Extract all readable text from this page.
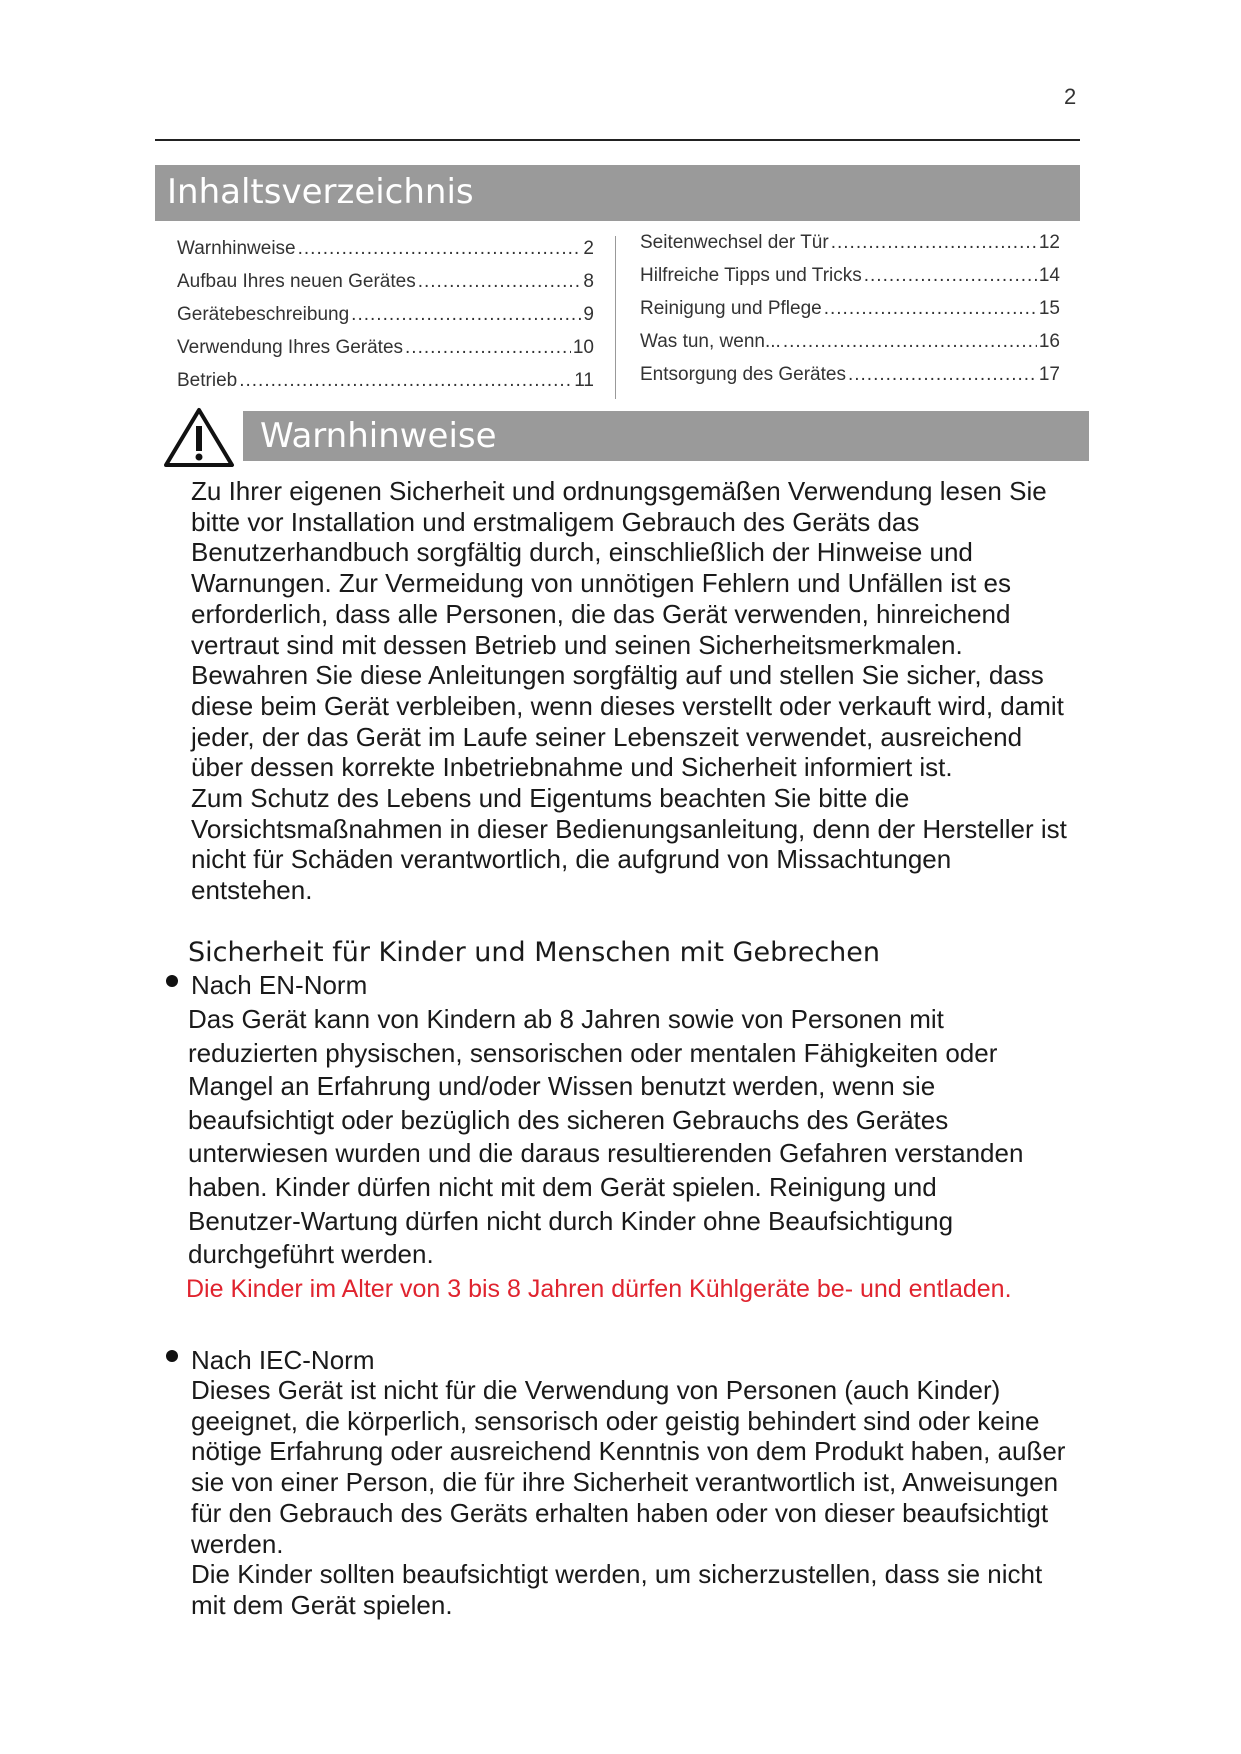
2
Inhaltsverzeichnis
Warnhinweise .....	2
Aufbau Ihres neuen Gerätes .....	8
Gerätebeschreibung .....	9
Verwendung Ihres Gerätes .....	10
Betrieb .....	11
Seitenwechsel der Tür .....	12
Hilfreiche Tipps und Tricks .....	14
Reinigung und Pflege .....	15
Was tun, wenn... .....	16
Entsorgung des Gerätes .....	17
Warnhinweise
Zu Ihrer eigenen Sicherheit und ordnungsgemäßen Verwendung lesen Sie bitte vor Installation und erstmaligem Gebrauch des Geräts das Benutzerhandbuch sorgfältig durch, einschließlich der Hinweise und Warnungen. Zur Vermeidung von unnötigen Fehlern und Unfällen ist es erforderlich, dass alle Personen, die das Gerät verwenden, hinreichend vertraut sind mit dessen Betrieb und seinen Sicherheitsmerkmalen. Bewahren Sie diese Anleitungen sorgfältig auf und stellen Sie sicher, dass diese beim Gerät verbleiben, wenn dieses verstellt oder verkauft wird, damit jeder, der das Gerät im Laufe seiner Lebenszeit verwendet, ausreichend über dessen korrekte Inbetriebnahme und Sicherheit informiert ist.
Zum Schutz des Lebens und Eigentums beachten Sie bitte die Vorsichtsmaßnahmen in dieser Bedienungsanleitung, denn der Hersteller ist nicht für Schäden verantwortlich, die aufgrund von Missachtungen entstehen.
Sicherheit für Kinder und Menschen mit Gebrechen
Nach EN-Norm
Das Gerät kann von Kindern ab 8 Jahren sowie von Personen mit reduzierten physischen, sensorischen oder mentalen Fähigkeiten oder Mangel an Erfahrung und/oder Wissen benutzt werden, wenn sie beaufsichtigt oder bezüglich des sicheren Gebrauchs des Gerätes unterwiesen wurden und die daraus resultierenden Gefahren verstanden haben. Kinder dürfen nicht mit dem Gerät spielen. Reinigung und Benutzer-Wartung dürfen nicht durch Kinder ohne Beaufsichtigung durchgeführt werden.
Die Kinder im Alter von 3 bis 8 Jahren dürfen Kühlgeräte be- und entladen.
Nach IEC-Norm
Dieses Gerät ist nicht für die Verwendung von Personen (auch Kinder) geeignet, die körperlich, sensorisch oder geistig behindert sind oder keine nötige Erfahrung oder ausreichend Kenntnis von dem Produkt haben, außer sie von einer Person, die für ihre Sicherheit verantwortlich ist, Anweisungen für den Gebrauch des Geräts erhalten haben oder von dieser beaufsichtigt werden.
Die Kinder sollten beaufsichtigt werden, um sicherzustellen, dass sie nicht mit dem Gerät spielen.
